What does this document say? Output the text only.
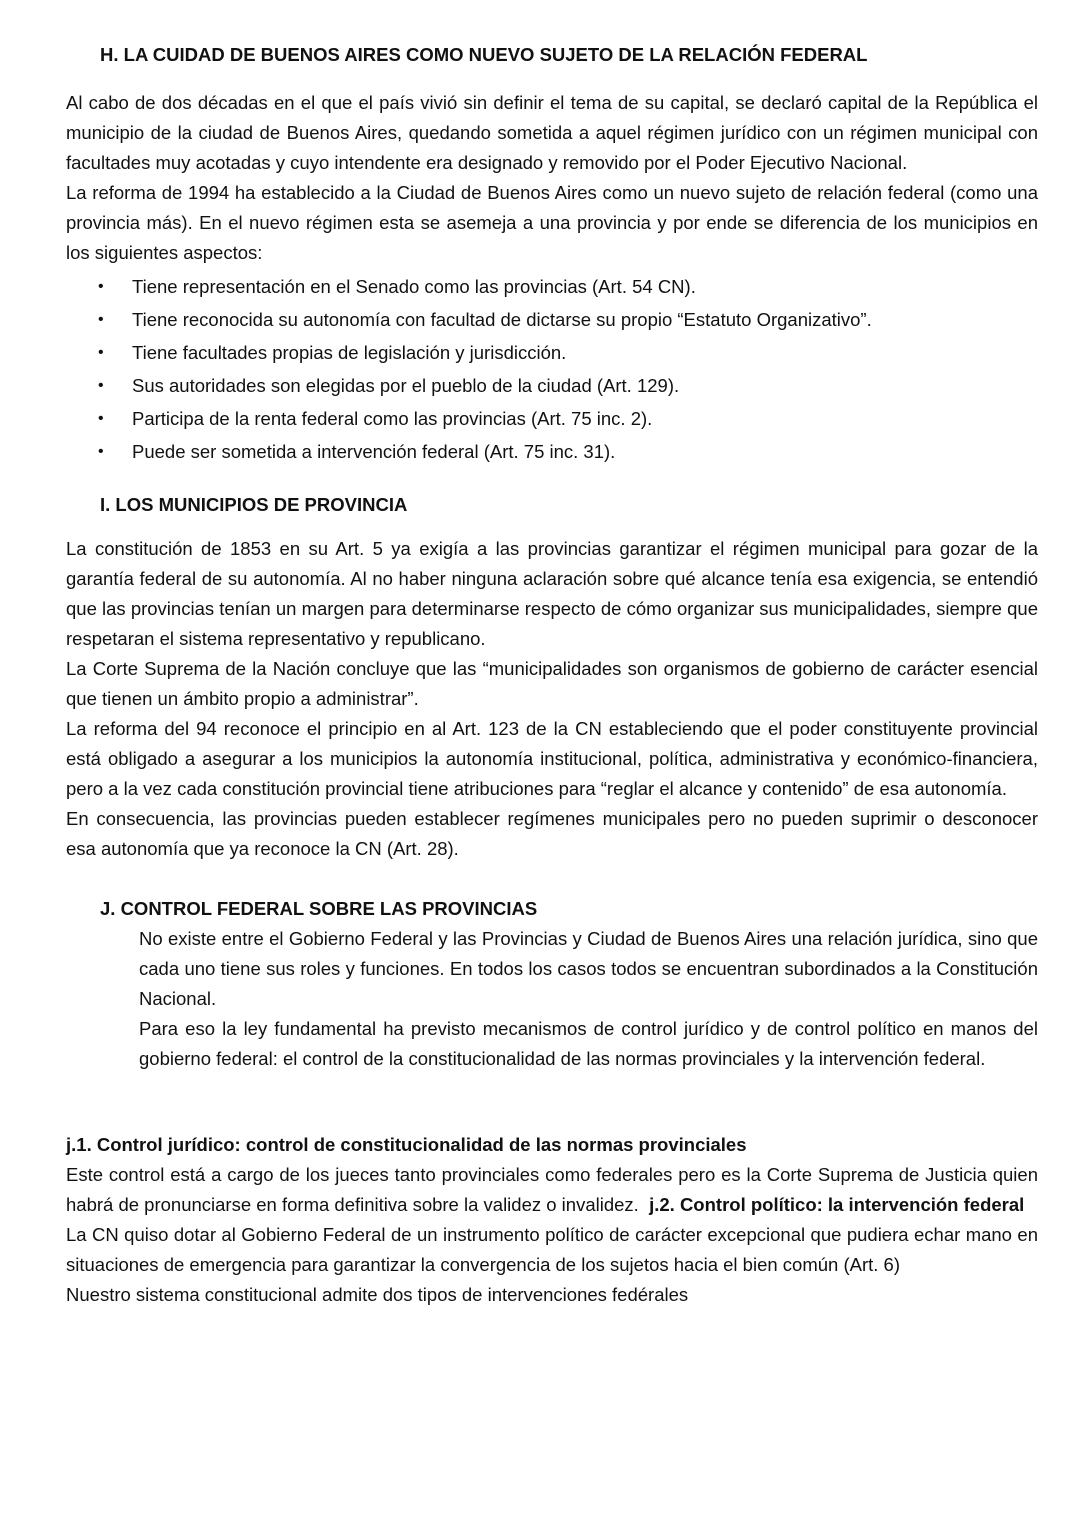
H. LA CUIDAD DE BUENOS AIRES COMO NUEVO SUJETO DE LA RELACIÓN FEDERAL

Al cabo de dos décadas en el que el país vivió sin definir el tema de su capital, se declaró capital de la República el municipio de la ciudad de Buenos Aires, quedando sometida a aquel régimen jurídico con un régimen municipal con facultades muy acotadas y cuyo intendente era designado y removido por el Poder Ejecutivo Nacional.

La reforma de 1994 ha establecido a la Ciudad de Buenos Aires como un nuevo sujeto de relación federal (como una provincia más). En el nuevo régimen esta se asemeja a una provincia y por ende se diferencia de los municipios en los siguientes aspectos:

• Tiene representación en el Senado como las provincias (Art. 54 CN).
• Tiene reconocida su autonomía con facultad de dictarse su propio “Estatuto Organizativo”.
• Tiene facultades propias de legislación y jurisdicción.
• Sus autoridades son elegidas por el pueblo de la ciudad (Art. 129).
• Participa de la renta federal como las provincias (Art. 75 inc. 2).
• Puede ser sometida a intervención federal (Art. 75 inc. 31).
I. LOS MUNICIPIOS DE PROVINCIA

La constitución de 1853 en su Art. 5 ya exigía a las provincias garantizar el régimen municipal para gozar de la garantía federal de su autonomía. Al no haber ninguna aclaración sobre qué alcance tenía esa exigencia, se entendió que las provincias tenían un margen para determinarse respecto de cómo organizar sus municipalidades, siempre que respetaran el sistema representativo y republicano.

La Corte Suprema de la Nación concluye que las “municipalidades son organismos de gobierno de carácter esencial que tienen un ámbito propio a administrar”.

La reforma del 94 reconoce el principio en al Art. 123 de la CN estableciendo que el poder constituyente provincial está obligado a asegurar a los municipios la autonomía institucional, política, administrativa y económico-financiera, pero a la vez cada constitución provincial tiene atribuciones para “reglar el alcance y contenido” de esa autonomía.

En consecuencia, las provincias pueden establecer regímenes municipales pero no pueden suprimir o desconocer esa autonomía que ya reconoce la CN (Art. 28).

J. CONTROL FEDERAL SOBRE LAS PROVINCIAS

No existe entre el Gobierno Federal y las Provincias y Ciudad de Buenos Aires una relación jurídica, sino que cada uno tiene sus roles y funciones. En todos los casos todos se encuentran subordinados a la Constitución Nacional.

Para eso la ley fundamental ha previsto mecanismos de control jurídico y de control político en manos del gobierno federal: el control de la constitucionalidad de las normas provinciales y la intervención federal.

j.1. Control jurídico: control de constitucionalidad de las normas provinciales

Este control está a cargo de los jueces tanto provinciales como federales pero es la Corte Suprema de Justicia quien habrá de pronunciarse en forma definitiva sobre la validez o invalidez. j.2. Control político: la intervención federal

La CN quiso dotar al Gobierno Federal de un instrumento político de carácter excepcional que pudiera echar mano en situaciones de emergencia para garantizar la convergencia de los sujetos hacia el bien común (Art. 6)

Nuestro sistema constitucional admite dos tipos de intervenciones fedérales
